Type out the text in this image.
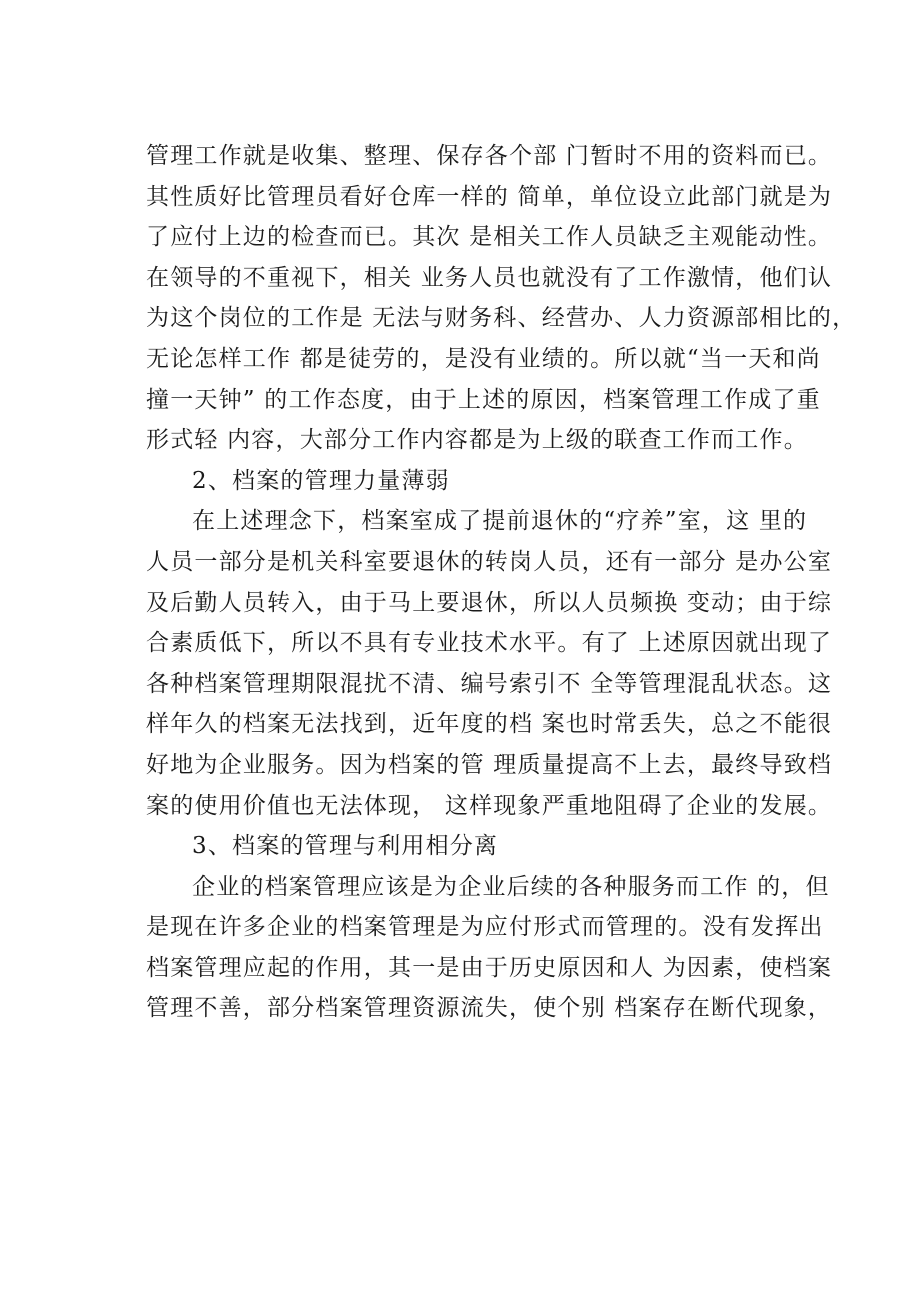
管理工作就是收集、整理、保存各个部 门暂时不用的资料而已。
其性质好比管理员看好仓库一样的 简单，单位设立此部门就是为
了应付上边的检查而已。其次 是相关工作人员缺乏主观能动性。
在领导的不重视下，相关 业务人员也就没有了工作激情，他们认
为这个岗位的工作是 无法与财务科、经营办、人力资源部相比的，
无论怎样工作 都是徒劳的，是没有业绩的。所以就“当一天和尚
撞一天钟” 的工作态度，由于上述的原因，档案管理工作成了重
形式轻 内容，大部分工作内容都是为上级的联查工作而工作。
2、档案的管理力量薄弱
在上述理念下，档案室成了提前退休的“疗养”室，这 里的
人员一部分是机关科室要退休的转岗人员，还有一部分 是办公室
及后勤人员转入，由于马上要退休，所以人员频换 变动；由于综
合素质低下，所以不具有专业技术水平。有了 上述原因就出现了
各种档案管理期限混扰不清、编号索引不 全等管理混乱状态。这
样年久的档案无法找到，近年度的档 案也时常丢失，总之不能很
好地为企业服务。因为档案的管 理质量提高不上去，最终导致档
案的使用价值也无法体现， 这样现象严重地阻碍了企业的发展。
3、档案的管理与利用相分离
企业的档案管理应该是为企业后续的各种服务而工作 的，但
是现在许多企业的档案管理是为应付形式而管理的。没有发挥出
档案管理应起的作用，其一是由于历史原因和人 为因素，使档案
管理不善，部分档案管理资源流失，使个别 档案存在断代现象，
